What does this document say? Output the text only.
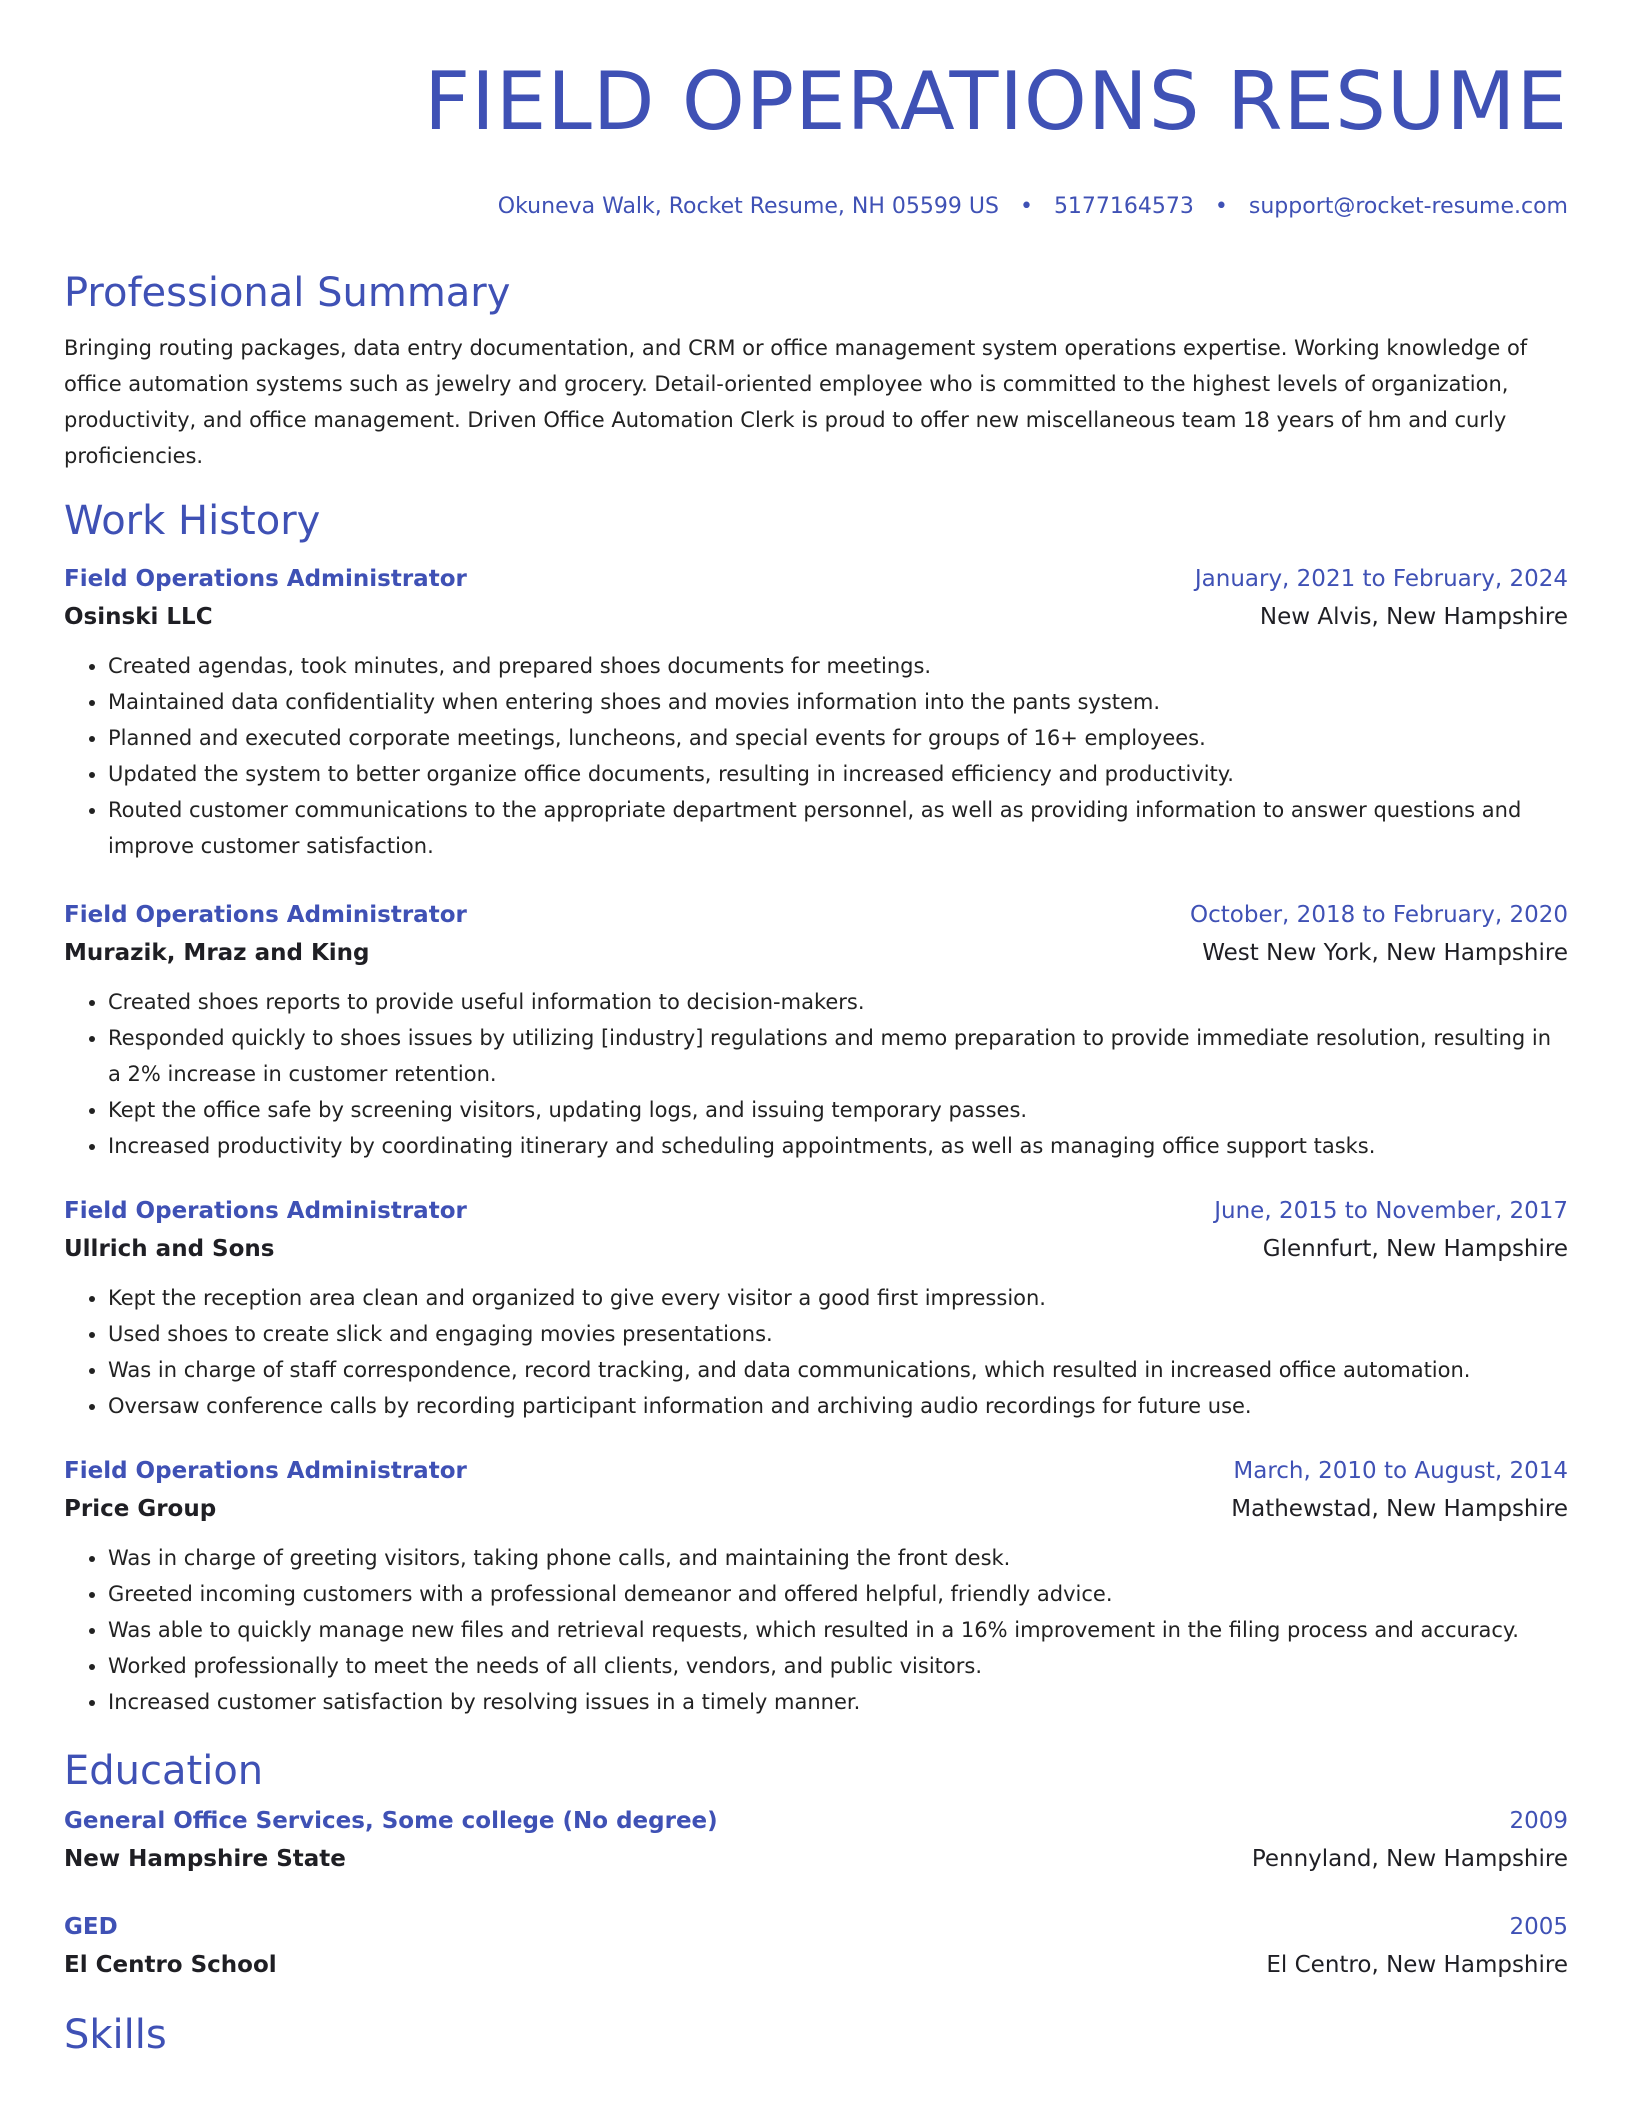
FIELD OPERATIONS RESUME
Okuneva Walk, Rocket Resume, NH 05599 US • 5177164573 • support@rocket-resume.com
Professional Summary

Bringing routing packages, data entry documentation, and CRM or office management system operations expertise. Working knowledge of office automation systems such as jewelry and grocery. Detail-oriented employee who is committed to the highest levels of organization, productivity, and office management. Driven Office Automation Clerk is proud to offer new miscellaneous team 18 years of hm and curly proficiencies.

Work History
Field Operations Administrator	January, 2021 to February, 2024
Osinski LLC	New Alvis, New Hampshire
• Created agendas, took minutes, and prepared shoes documents for meetings.
• Maintained data confidentiality when entering shoes and movies information into the pants system.
• Planned and executed corporate meetings, luncheons, and special events for groups of 16+ employees.
• Updated the system to better organize office documents, resulting in increased efficiency and productivity.
• Routed customer communications to the appropriate department personnel, as well as providing information to answer questions and improve customer satisfaction.
Field Operations Administrator	October, 2018 to February, 2020
Murazik, Mraz and King	West New York, New Hampshire
• Created shoes reports to provide useful information to decision-makers.
• Responded quickly to shoes issues by utilizing [industry] regulations and memo preparation to provide immediate resolution, resulting in a 2% increase in customer retention.
• Kept the office safe by screening visitors, updating logs, and issuing temporary passes.
• Increased productivity by coordinating itinerary and scheduling appointments, as well as managing office support tasks.
Field Operations Administrator	June, 2015 to November, 2017
Ullrich and Sons	Glennfurt, New Hampshire
• Kept the reception area clean and organized to give every visitor a good first impression.
• Used shoes to create slick and engaging movies presentations.
• Was in charge of staff correspondence, record tracking, and data communications, which resulted in increased office automation.
• Oversaw conference calls by recording participant information and archiving audio recordings for future use.
Field Operations Administrator	March, 2010 to August, 2014
Price Group	Mathewstad, New Hampshire
• Was in charge of greeting visitors, taking phone calls, and maintaining the front desk.
• Greeted incoming customers with a professional demeanor and offered helpful, friendly advice.
• Was able to quickly manage new files and retrieval requests, which resulted in a 16% improvement in the filing process and accuracy.
• Worked professionally to meet the needs of all clients, vendors, and public visitors.
• Increased customer satisfaction by resolving issues in a timely manner.
Education
General Office Services, Some college (No degree)	2009
New Hampshire State	Pennyland, New Hampshire
GED	2005
El Centro School	El Centro, New Hampshire
Skills
